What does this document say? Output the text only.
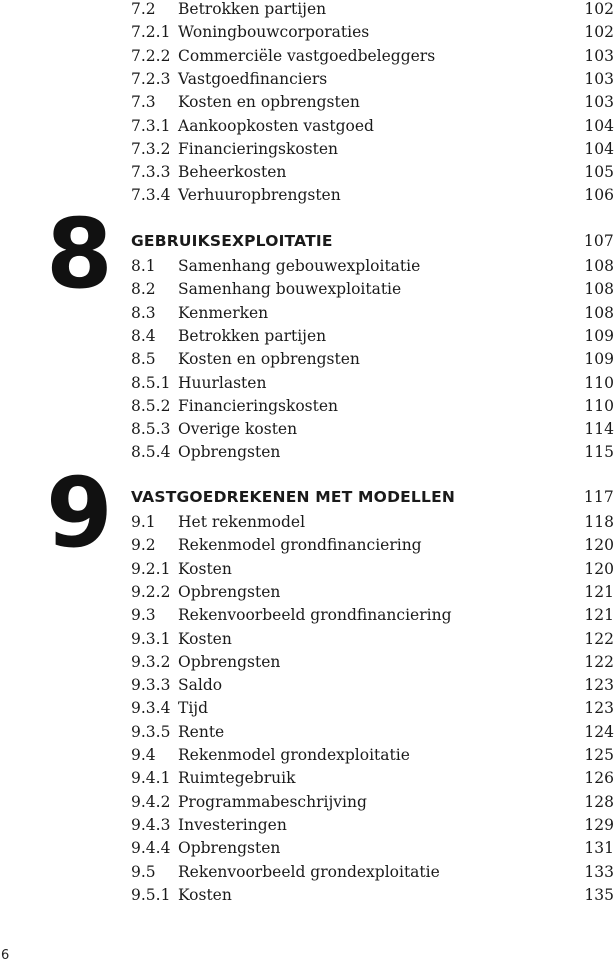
8
9
7.2 Betrokken partijen	102
7.2.1 Woningbouwcorporaties	102
7.2.2 Commerciële vastgoedbeleggers	103
7.2.3 Vastgoedfinanciers	103
7.3 Kosten en opbrengsten	103
7.3.1 Aankoopkosten vastgoed	104
7.3.2 Financieringskosten	104
7.3.3 Beheerkosten	105
7.3.4 Verhuuropbrengsten	106
GEBRUIKSEXPLOITATIE	107
8.1 Samenhang gebouwexploitatie	108
8.2 Samenhang bouwexploitatie	108
8.3 Kenmerken	108
8.4 Betrokken partijen	109
8.5 Kosten en opbrengsten	109
8.5.1 Huurlasten	110
8.5.2 Financieringskosten	110
8.5.3 Overige kosten	114
8.5.4 Opbrengsten	115
VASTGOEDREKENEN MET MODELLEN	117
9.1 Het rekenmodel	118
9.2 Rekenmodel grondfinanciering	120
9.2.1 Kosten	120
9.2.2 Opbrengsten	121
9.3 Rekenvoorbeeld grondfinanciering	121
9.3.1 Kosten	122
9.3.2 Opbrengsten	122
9.3.3 Saldo	123
9.3.4 Tijd	123
9.3.5 Rente	124
9.4 Rekenmodel grondexploitatie	125
9.4.1 Ruimtegebruik	126
9.4.2 Programmabeschrijving	128
9.4.3 Investeringen	129
9.4.4 Opbrengsten	131
9.5 Rekenvoorbeeld grondexploitatie	133
9.5.1 Kosten	135
6
